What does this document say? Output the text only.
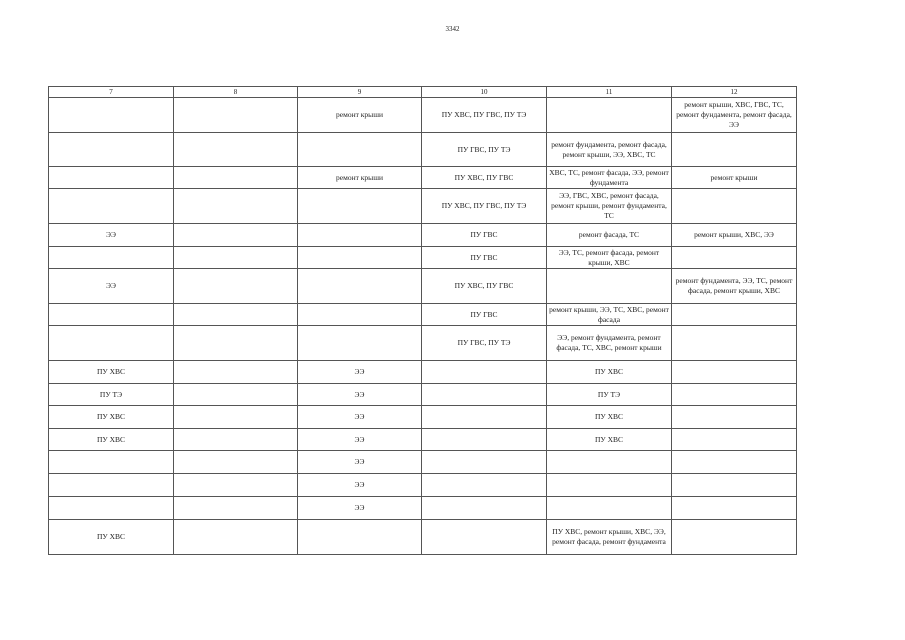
3342
7	8	9	10	11	12
		ремонт крыши	ПУ ХВС, ПУ ГВС, ПУ ТЭ		ремонт крыши, ХВС, ГВС, ТС, ремонт фундамента, ремонт фасада, ЭЭ
			ПУ ГВС, ПУ ТЭ	ремонт фундамента, ремонт фасада, ремонт крыши, ЭЭ, ХВС, ТС	
		ремонт крыши	ПУ ХВС, ПУ ГВС	ХВС, ТС, ремонт фасада, ЭЭ, ремонт фундамента	ремонт крыши
			ПУ ХВС, ПУ ГВС, ПУ ТЭ	ЭЭ, ГВС, ХВС, ремонт фасада, ремонт крыши, ремонт фундамента, ТС	
ЭЭ			ПУ ГВС	ремонт фасада, ТС	ремонт крыши, ХВС, ЭЭ
			ПУ ГВС	ЭЭ, ТС, ремонт фасада, ремонт крыши, ХВС	
ЭЭ			ПУ ХВС, ПУ ГВС		ремонт фундамента, ЭЭ, ТС, ремонт фасада, ремонт крыши, ХВС
			ПУ ГВС	ремонт крыши, ЭЭ, ТС, ХВС, ремонт фасада	
			ПУ ГВС, ПУ ТЭ	ЭЭ, ремонт фундамента, ремонт фасада, ТС, ХВС, ремонт крыши	
ПУ ХВС		ЭЭ		ПУ ХВС	
ПУ ТЭ		ЭЭ		ПУ ТЭ	
ПУ ХВС		ЭЭ		ПУ ХВС	
ПУ ХВС		ЭЭ		ПУ ХВС	
		ЭЭ			
		ЭЭ			
		ЭЭ			
ПУ ХВС				ПУ ХВС, ремонт крыши, ХВС, ЭЭ, ремонт фасада, ремонт фундамента	
